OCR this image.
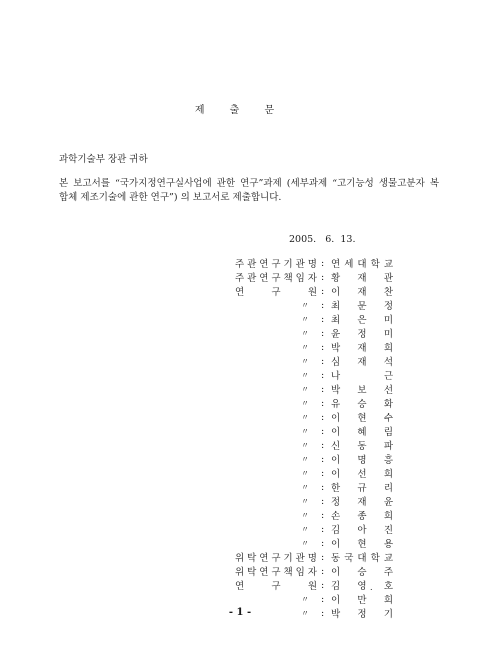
제 출 문
과학기술부 장관 귀하
본 보고서를 “국가지정연구실사업에 관한 연구”과제 (세부과제 “고기능성 생물고분자 복
합체 제조기술에 관한 연구”) 의 보고서로 제출합니다.
2005.   6.  13.
주 관 연 구 기 관 명 : 연 세 대 학 교
주 관 연 구 책 임 자 : 황 재 관
연	구	원 : 이 재 찬
〃	: 최 문 정
〃	: 최 은 미
〃	: 윤 정 미
〃	: 박 재 희
〃	: 심 재 석
〃	: 나	근
〃	: 박 보 선
〃	: 유 승 화
〃	: 이 현 수
〃	: 이 혜 림
〃	: 신 동 파
〃	: 이 명 흥
〃	: 이 선 희
〃	: 한 규 리
〃	: 정 재 윤
〃	: 손 종 희
〃	: 김 아 진
〃	: 이 현 용
위 탁 연 구 기 관 명 : 동 국 대 학 교
위 탁 연 구 책 임 자 : 이 승 주
연	구	원 : 김 영 호
〃	: 이 만 희
〃	: 박 정 기
.
- 1 -
